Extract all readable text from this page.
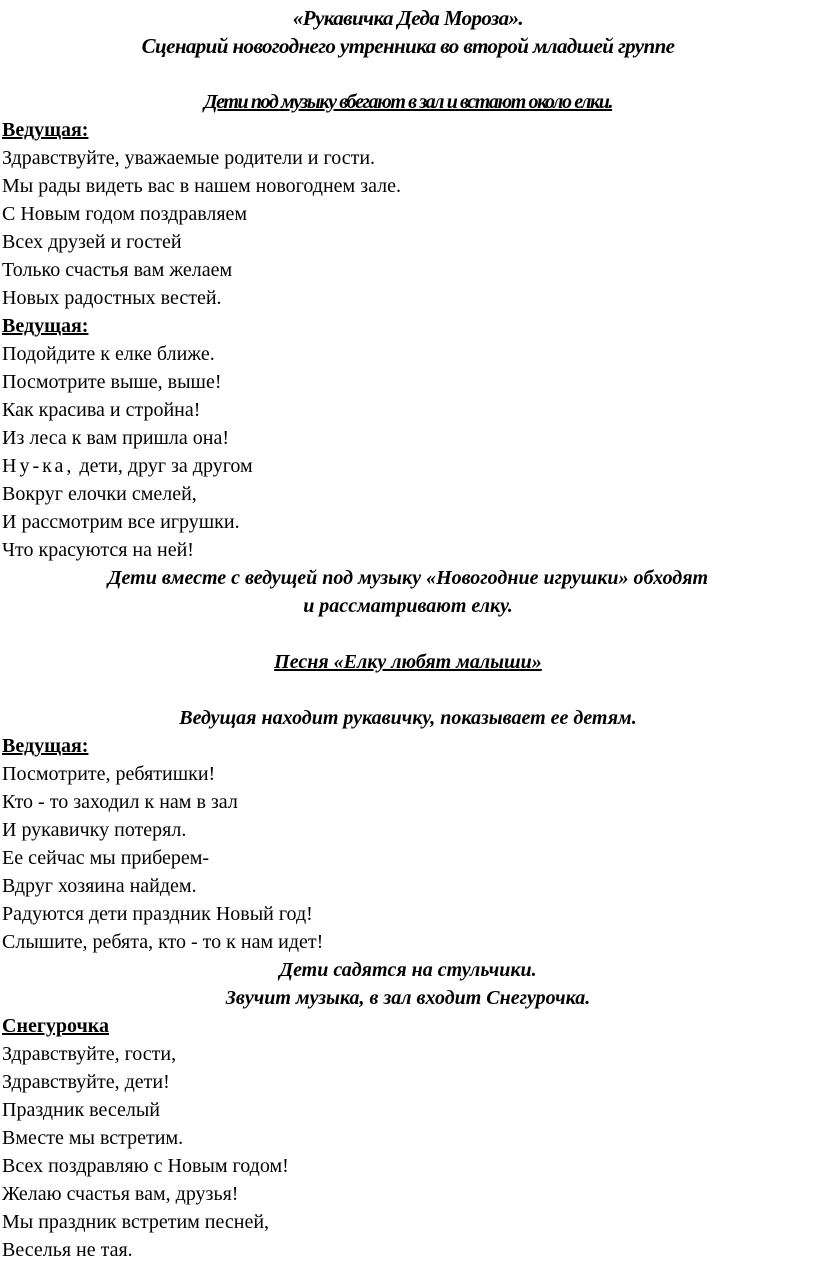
«Рукавичка Деда Мороза».
Сценарий новогоднего утренника во второй младшей группе
Дети под музыку вбегают в зал и встают около елки.
Ведущая:
Здравствуйте, уважаемые родители и гости.
Мы рады видеть вас в нашем новогоднем зале.
С Новым годом поздравляем
Всех друзей и гостей
Только счастья вам желаем
Новых радостных вестей.
Ведущая:
Подойдите к елке ближе.
Посмотрите выше, выше!
Как красива и стройна!
Из леса к вам пришла она!
Ну-ка, дети, друг за другом
Вокруг елочки смелей,
И рассмотрим все игрушки.
Что красуются на ней!
Дети вместе с ведущей под музыку «Новогодние игрушки» обходят
и рассматривают елку.

Песня «Елку любят малыши»

Ведущая находит рукавичку, показывает ее детям.
Ведущая:
Посмотрите, ребятишки!
Кто - то заходил к нам в зал
И рукавичку потерял.
Ее сейчас мы приберем-
Вдруг хозяина найдем.
Радуются дети праздник Новый год!
Слышите, ребята, кто - то к нам идет!
Дети садятся на стульчики.
Звучит музыка, в зал входит Снегурочка.
Снегурочка
Здравствуйте, гости,
Здравствуйте, дети!
Праздник веселый
Вместе мы встретим.
Всех поздравляю с Новым годом!
Желаю счастья вам, друзья!
Мы праздник встретим песней,
Веселья не тая.
